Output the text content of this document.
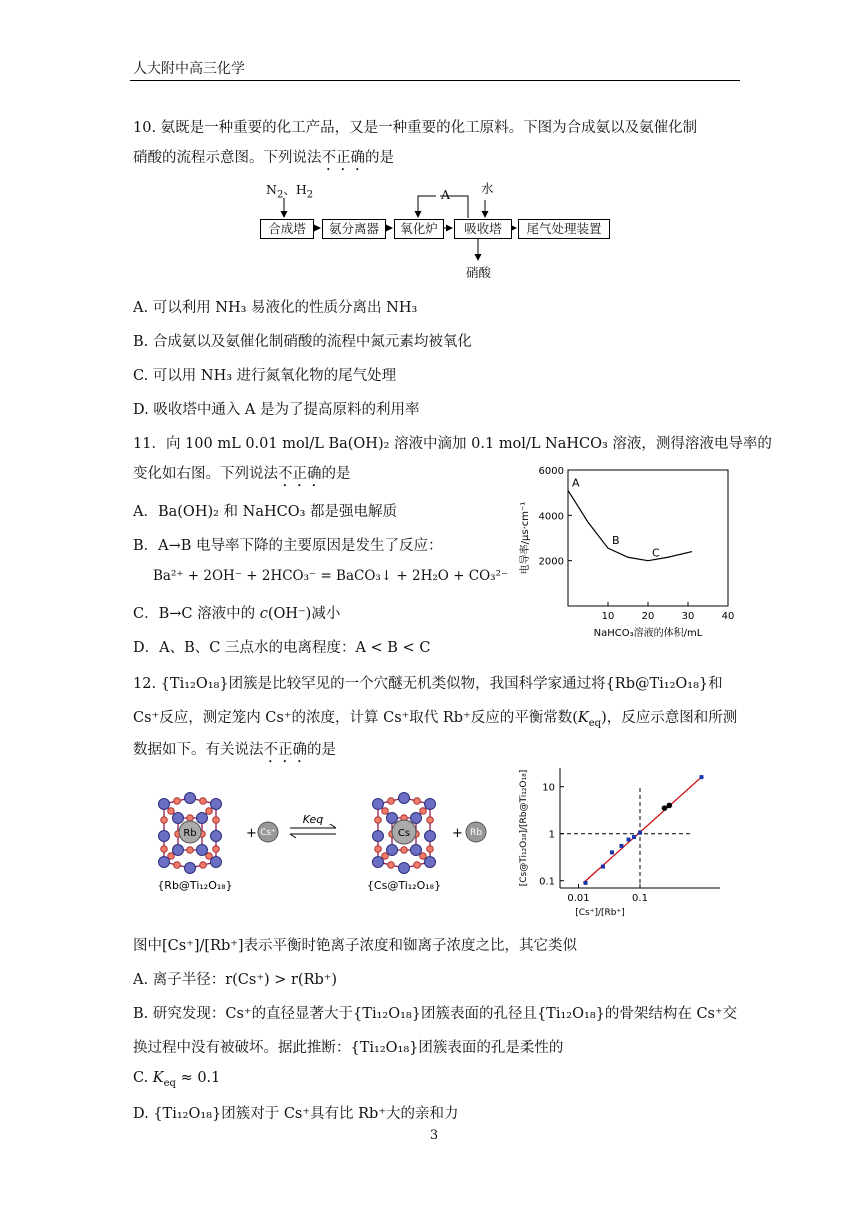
人大附中高三化学
10. 氨既是一种重要的化工产品，又是一种重要的化工原料。下图为合成氨以及氨催化制
硝酸的流程示意图。下列说法不正确的是
$N_2$、$H_2$	A 水
合成塔	氨分离器	氧化炉	吸收塔	尾气处理装置
硝酸
A. 可以利用 NH₃ 易液化的性质分离出 NH₃
B. 合成氨以及氨催化制硝酸的流程中氮元素均被氧化
C. 可以用 NH₃ 进行氮氧化物的尾气处理
D. 吸收塔中通入 A 是为了提高原料的利用率
11．向 100 mL 0.01 mol/L Ba(OH)₂ 溶液中滴加 0.1 mol/L NaHCO₃ 溶液，测得溶液电导率的
变化如右图。下列说法不正确的是
A．Ba(OH)₂ 和 NaHCO₃ 都是强电解质
B．A→B 电导率下降的主要原因是发生了反应：
Ba²⁺ + 2OH⁻ + 2HCO₃⁻ = BaCO₃↓ + 2H₂O + CO₃²⁻
C．B→C 溶液中的 c(OH⁻)减小
D．A、B、C 三点水的电离程度：A < B < C
2000
4000
6000
10	20	30	40
NaHCO₃溶液的体积/mL
电导率/μs·cm⁻¹
A
B
C
12. {Ti₁₂O₁₈}团簇是比较罕见的一个穴醚无机类似物，我国科学家通过将{Rb@Ti₁₂O₁₈}和
Cs⁺反应，测定笼内 Cs⁺的浓度，计算 Cs⁺取代 Rb⁺反应的平衡常数$(K_{eq})$，反应示意图和所测
数据如下。有关说法不正确的是
Rb	Cs
+ Cs⁺
Keq
+ Rb
{Rb@Ti₁₂O₁₈}	{Cs@Ti₁₂O₁₈}	0.1
1
10
0.01	0.1
[Cs⁺]/[Rb⁺]
[Cs@Ti₁₂O₁₈]/[Rb@Ti₁₂O₁₈]
图中[Cs⁺]/[Rb⁺]表示平衡时铯离子浓度和铷离子浓度之比，其它类似
A. 离子半径：r(Cs⁺) > r(Rb⁺)
B. 研究发现：Cs⁺的直径显著大于{Ti₁₂O₁₈}团簇表面的孔径且{Ti₁₂O₁₈}的骨架结构在 Cs⁺交
换过程中没有被破坏。据此推断：{Ti₁₂O₁₈}团簇表面的孔是柔性的
C. $K_{eq} \approx 0.1$
D. {Ti₁₂O₁₈}团簇对于 Cs⁺具有比 Rb⁺大的亲和力
3
